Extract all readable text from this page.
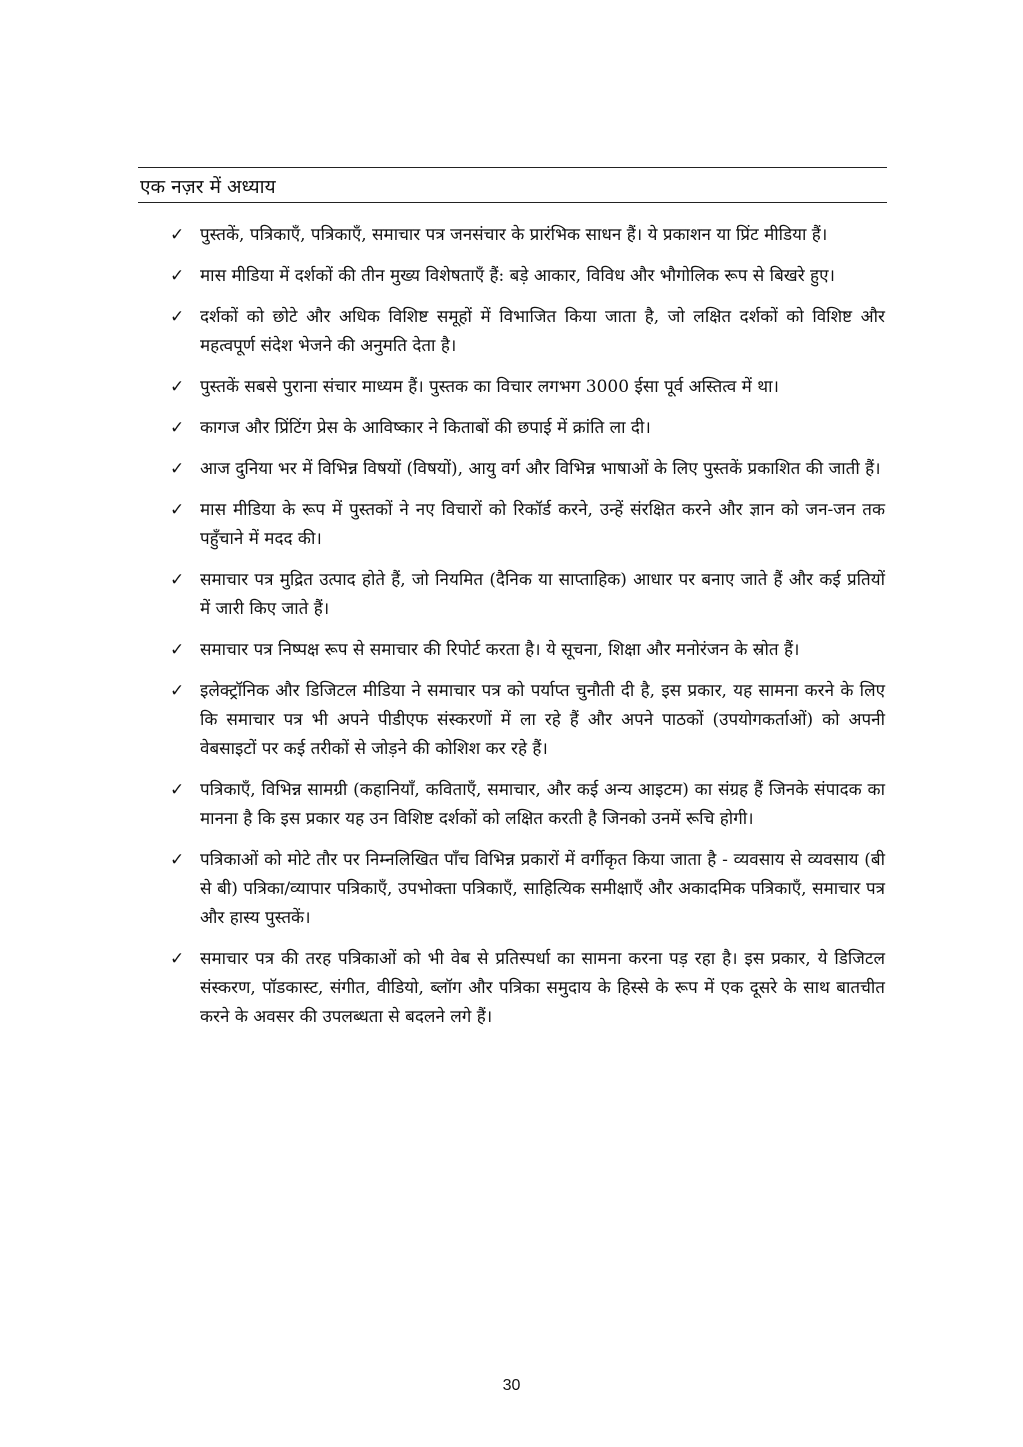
एक नज़र में अध्याय
✓ पुस्तकें, पत्रिकाएँ, पत्रिकाएँ, समाचार पत्र जनसंचार के प्रारंभिक साधन हैं। ये प्रकाशन या प्रिंट मीडिया हैं।
✓ मास मीडिया में दर्शकों की तीन मुख्य विशेषताएँ हैं: बड़े आकार, विविध और भौगोलिक रूप से बिखरे हुए।
✓ दर्शकों को छोटे और अधिक विशिष्ट समूहों में विभाजित किया जाता है, जो लक्षित दर्शकों को विशिष्ट और महत्वपूर्ण संदेश भेजने की अनुमति देता है।
✓ पुस्तकें सबसे पुराना संचार माध्यम हैं। पुस्तक का विचार लगभग 3000 ईसा पूर्व अस्तित्व में था।
✓ कागज और प्रिंटिंग प्रेस के आविष्कार ने किताबों की छपाई में क्रांति ला दी।
✓ आज दुनिया भर में विभिन्न विषयों (विषयों), आयु वर्ग और विभिन्न भाषाओं के लिए पुस्तकें प्रकाशित की जाती हैं।
✓ मास मीडिया के रूप में पुस्तकों ने नए विचारों को रिकॉर्ड करने, उन्हें संरक्षित करने और ज्ञान को जन-जन तक पहुँचाने में मदद की।
✓ समाचार पत्र मुद्रित उत्पाद होते हैं, जो नियमित (दैनिक या साप्ताहिक) आधार पर बनाए जाते हैं और कई प्रतियों में जारी किए जाते हैं।
✓ समाचार पत्र निष्पक्ष रूप से समाचार की रिपोर्ट करता है। ये सूचना, शिक्षा और मनोरंजन के स्रोत हैं।
✓ इलेक्ट्रॉनिक और डिजिटल मीडिया ने समाचार पत्र को पर्याप्त चुनौती दी है, इस प्रकार, यह सामना करने के लिए कि समाचार पत्र भी अपने पीडीएफ संस्करणों में ला रहे हैं और अपने पाठकों (उपयोगकर्ताओं) को अपनी वेबसाइटों पर कई तरीकों से जोड़ने की कोशिश कर रहे हैं।
✓ पत्रिकाएँ, विभिन्न सामग्री (कहानियाँ, कविताएँ, समाचार, और कई अन्य आइटम) का संग्रह हैं जिनके संपादक का मानना है कि इस प्रकार यह उन विशिष्ट दर्शकों को लक्षित करती है जिनको उनमें रूचि होगी।
✓ पत्रिकाओं को मोटे तौर पर निम्नलिखित पाँच विभिन्न प्रकारों में वर्गीकृत किया जाता है - व्यवसाय से व्यवसाय (बी से बी) पत्रिका/व्यापार पत्रिकाएँ, उपभोक्ता पत्रिकाएँ, साहित्यिक समीक्षाएँ और अकादमिक पत्रिकाएँ, समाचार पत्र और हास्य पुस्तकें।
✓ समाचार पत्र की तरह पत्रिकाओं को भी वेब से प्रतिस्पर्धा का सामना करना पड़ रहा है। इस प्रकार, ये डिजिटल संस्करण, पॉडकास्ट, संगीत, वीडियो, ब्लॉग और पत्रिका समुदाय के हिस्से के रूप में एक दूसरे के साथ बातचीत करने के अवसर की उपलब्धता से बदलने लगे हैं।
30
